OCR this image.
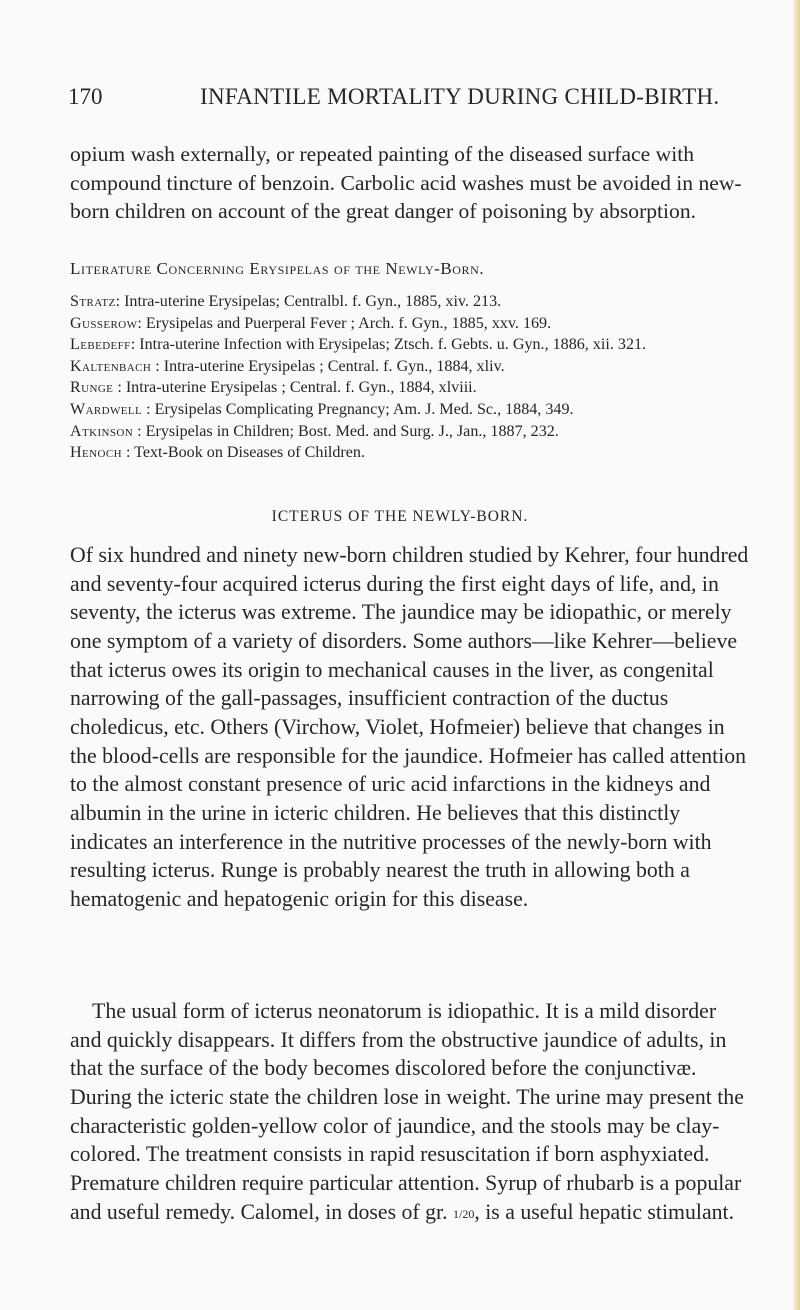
170	INFANTILE MORTALITY DURING CHILD-BIRTH.

opium wash externally, or repeated painting of the diseased surface with compound tincture of benzoin. Carbolic acid washes must be avoided in new-born children on account of the great danger of poisoning by absorption.

Literature Concerning Erysipelas of the Newly-Born.
Stratz: Intra-uterine Erysipelas; Centralbl. f. Gyn., 1885, xiv. 213.
Gusserow: Erysipelas and Puerperal Fever ; Arch. f. Gyn., 1885, xxv. 169.
Lebedeff: Intra-uterine Infection with Erysipelas; Ztsch. f. Gebts. u. Gyn., 1886, xii. 321.
Kaltenbach : Intra-uterine Erysipelas ; Central. f. Gyn., 1884, xliv.
Runge : Intra-uterine Erysipelas ; Central. f. Gyn., 1884, xlviii.
Wardwell : Erysipelas Complicating Pregnancy; Am. J. Med. Sc., 1884, 349.
Atkinson : Erysipelas in Children; Bost. Med. and Surg. J., Jan., 1887, 232.
Henoch : Text-Book on Diseases of Children.
ICTERUS OF THE NEWLY-BORN.

Of six hundred and ninety new-born children studied by Kehrer, four hundred and seventy-four acquired icterus during the first eight days of life, and, in seventy, the icterus was extreme. The jaundice may be idiopathic, or merely one symptom of a variety of disorders. Some authors—like Kehrer—believe that icterus owes its origin to mechanical causes in the liver, as congenital narrowing of the gall-passages, insufficient contraction of the ductus choledicus, etc. Others (Virchow, Violet, Hofmeier) believe that changes in the blood-cells are responsible for the jaundice. Hofmeier has called attention to the almost constant presence of uric acid infarctions in the kidneys and albumin in the urine in icteric children. He believes that this distinctly indicates an interference in the nutritive processes of the newly-born with resulting icterus. Runge is probably nearest the truth in allowing both a hematogenic and hepatogenic origin for this disease.

The usual form of icterus neonatorum is idiopathic. It is a mild disorder and quickly disappears. It differs from the obstructive jaundice of adults, in that the surface of the body becomes discolored before the conjunctivæ. During the icteric state the children lose in weight. The urine may present the characteristic golden-yellow color of jaundice, and the stools may be clay-colored. The treatment consists in rapid resuscitation if born asphyxiated. Premature children require particular attention. Syrup of rhubarb is a popular and useful remedy. Calomel, in doses of gr. 1/20, is a useful hepatic stimulant.
